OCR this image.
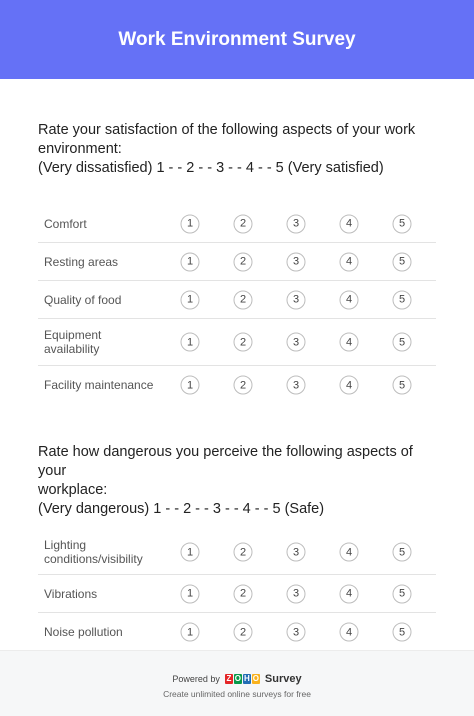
Work Environment Survey
Rate your satisfaction of the following aspects of your work
environment:
(Very dissatisfied) 1 - - 2 - - 3 - - 4 - - 5 (Very satisfied)
Comfort	1	2	3	4	5
Resting areas	1	2	3	4	5
Quality of food	1	2	3	4	5
Equipment
availability	1	2	3	4	5
Facility maintenance	1	2	3	4	5
Rate how dangerous you perceive the following aspects of your
workplace:
(Very dangerous) 1 - - 2 - - 3 - - 4 - - 5 (Safe)
Lighting
conditions/visibility	1	2	3	4	5
Vibrations	1	2	3	4	5
Noise pollution	1	2	3	4	5
Powered by Z O H O Survey
Create unlimited online surveys for free
